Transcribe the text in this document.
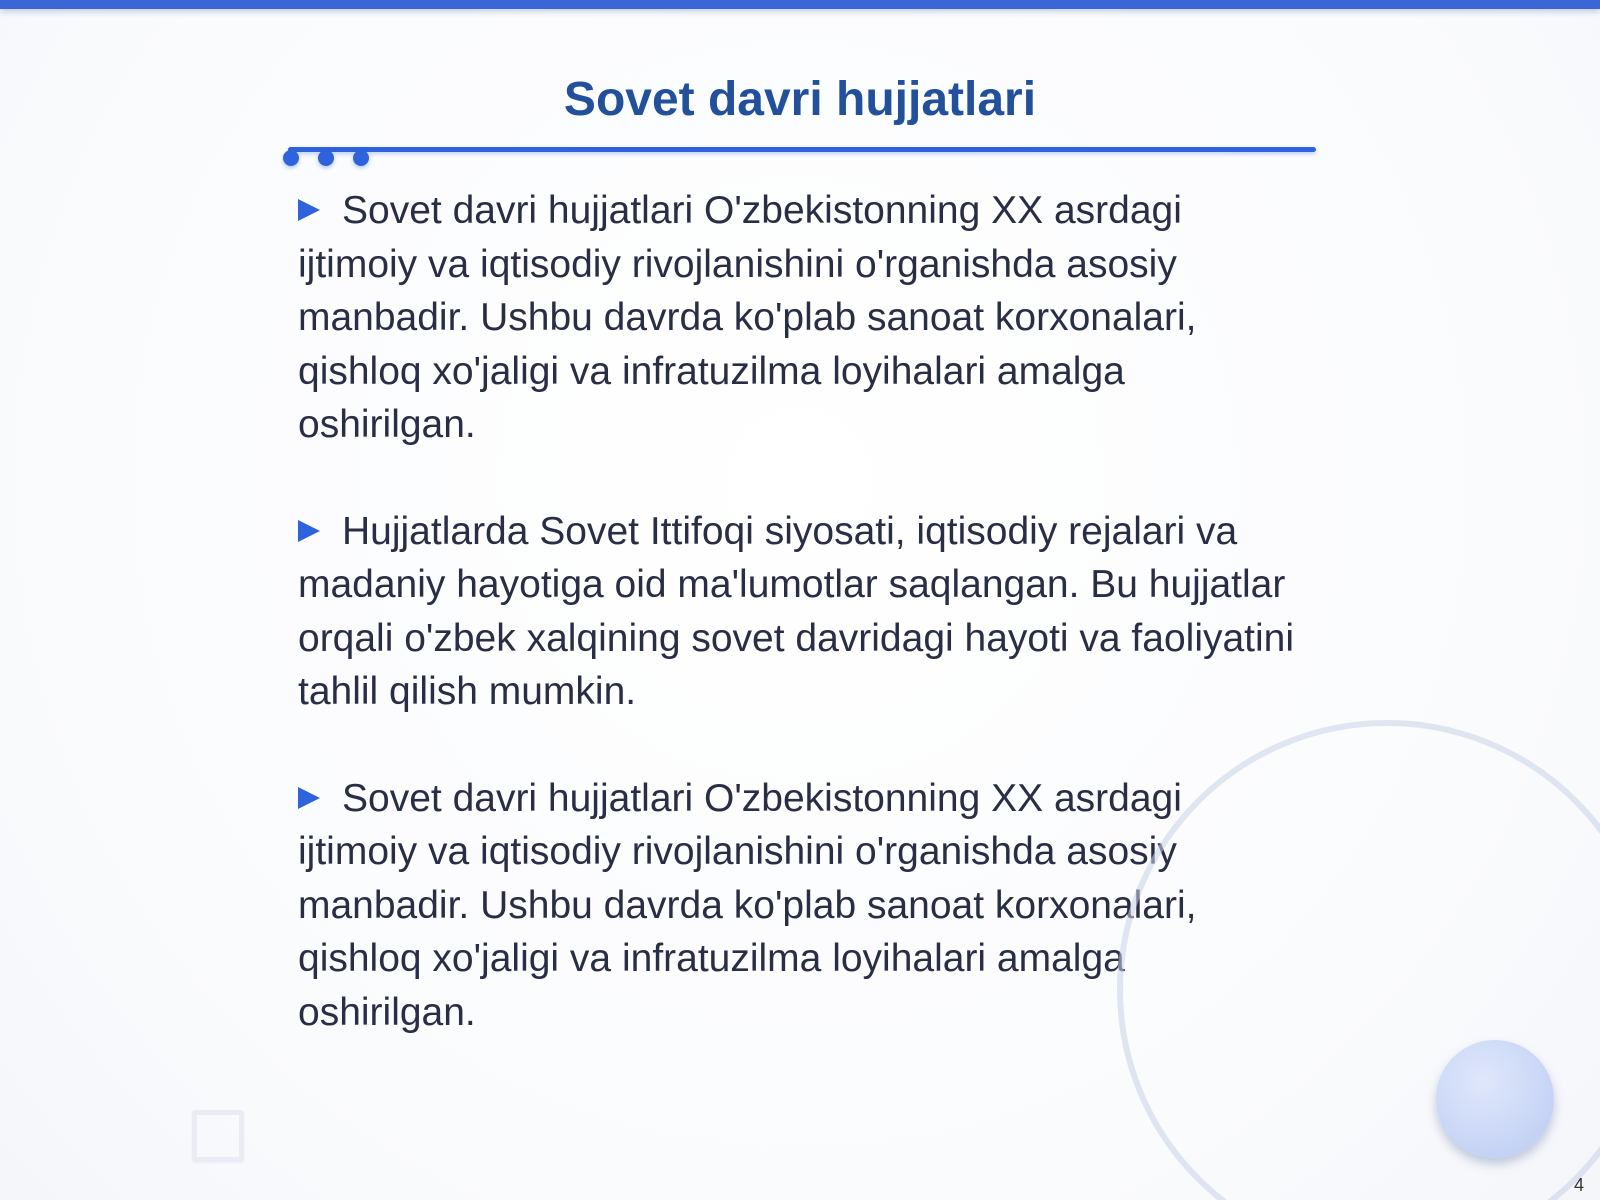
Sovet davri hujjatlari

Sovet davri hujjatlari O'zbekistonning XX asrdagi ijtimoiy va iqtisodiy rivojlanishini o'rganishda asosiy manbadir. Ushbu davrda ko'plab sanoat korxonalari, qishloq xo'jaligi va infratuzilma loyihalari amalga oshirilgan.

Hujjatlarda Sovet Ittifoqi siyosati, iqtisodiy rejalari va madaniy hayotiga oid ma'lumotlar saqlangan. Bu hujjatlar orqali o'zbek xalqining sovet davridagi hayoti va faoliyatini tahlil qilish mumkin.

Sovet davri hujjatlari O'zbekistonning XX asrdagi ijtimoiy va iqtisodiy rivojlanishini o'rganishda asosiy manbadir. Ushbu davrda ko'plab sanoat korxonalari, qishloq xo'jaligi va infratuzilma loyihalari amalga oshirilgan.

4
